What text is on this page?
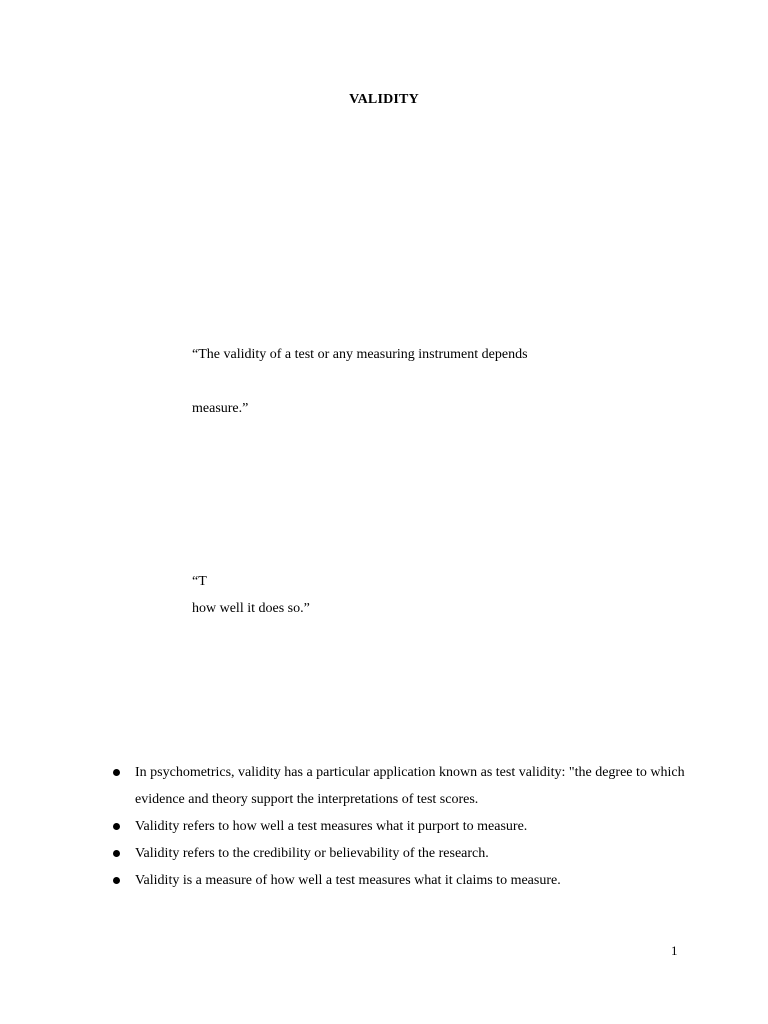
VALIDITY
“The validity of a test or any measuring instrument depends
measure.”
“T
how well it does so.”
In psychometrics, validity has a particular application known as test validity: "the degree to which evidence and theory support the interpretations of test scores.
Validity refers to how well a test measures what it purport to measure.
Validity refers to the credibility or believability of the research.
Validity is a measure of how well a test measures what it claims to measure.
1
